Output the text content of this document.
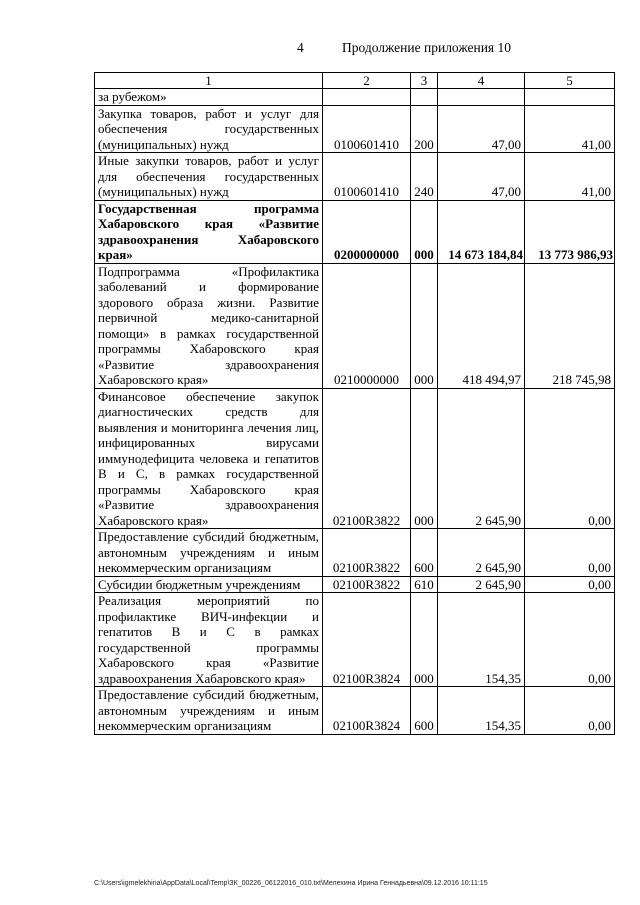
4	Продолжение приложения 10
1	2	3	4	5
за рубежом»				
Закупка товаров, работ и услуг для обеспечения государственных (муниципальных) нужд	0100601410	200	47,00	41,00
Иные закупки товаров, работ и услуг для обеспечения государственных (муниципальных) нужд	0100601410	240	47,00	41,00
Государственная программа Хабаровского края «Развитие здравоохранения Хабаровского края»	0200000000	000	14 673 184,84	13 773 986,93
Подпрограмма «Профилактика заболеваний и формирование здорового образа жизни. Развитие первичной медико-санитарной помощи» в рамках государственной программы Хабаровского края «Развитие здравоохранения Хабаровского края»	0210000000	000	418 494,97	218 745,98
Финансовое обеспечение закупок диагностических средств для выявления и мониторинга лечения лиц, инфицированных вирусами иммунодефицита человека и гепатитов В и С, в рамках государственной программы Хабаровского края «Развитие здравоохранения Хабаровского края»	02100R3822	000	2 645,90	0,00
Предоставление субсидий бюджетным, автономным учреждениям и иным некоммерческим организациям	02100R3822	600	2 645,90	0,00
Субсидии бюджетным учреждениям	02100R3822	610	2 645,90	0,00
Реализация мероприятий по профилактике ВИЧ-инфекции и гепатитов В и С в рамках государственной программы Хабаровского края «Развитие здравоохранения Хабаровского края»	02100R3824	000	154,35	0,00
Предоставление субсидий бюджетным, автономным учреждениям и иным некоммерческим организациям	02100R3824	600	154,35	0,00
C:\Users\igmelekhina\AppData\Local\Temp\ЗК_00226_06122016_010.txt\Мелехина Ирина Геннадьевна\09.12.2016 10:11:15
